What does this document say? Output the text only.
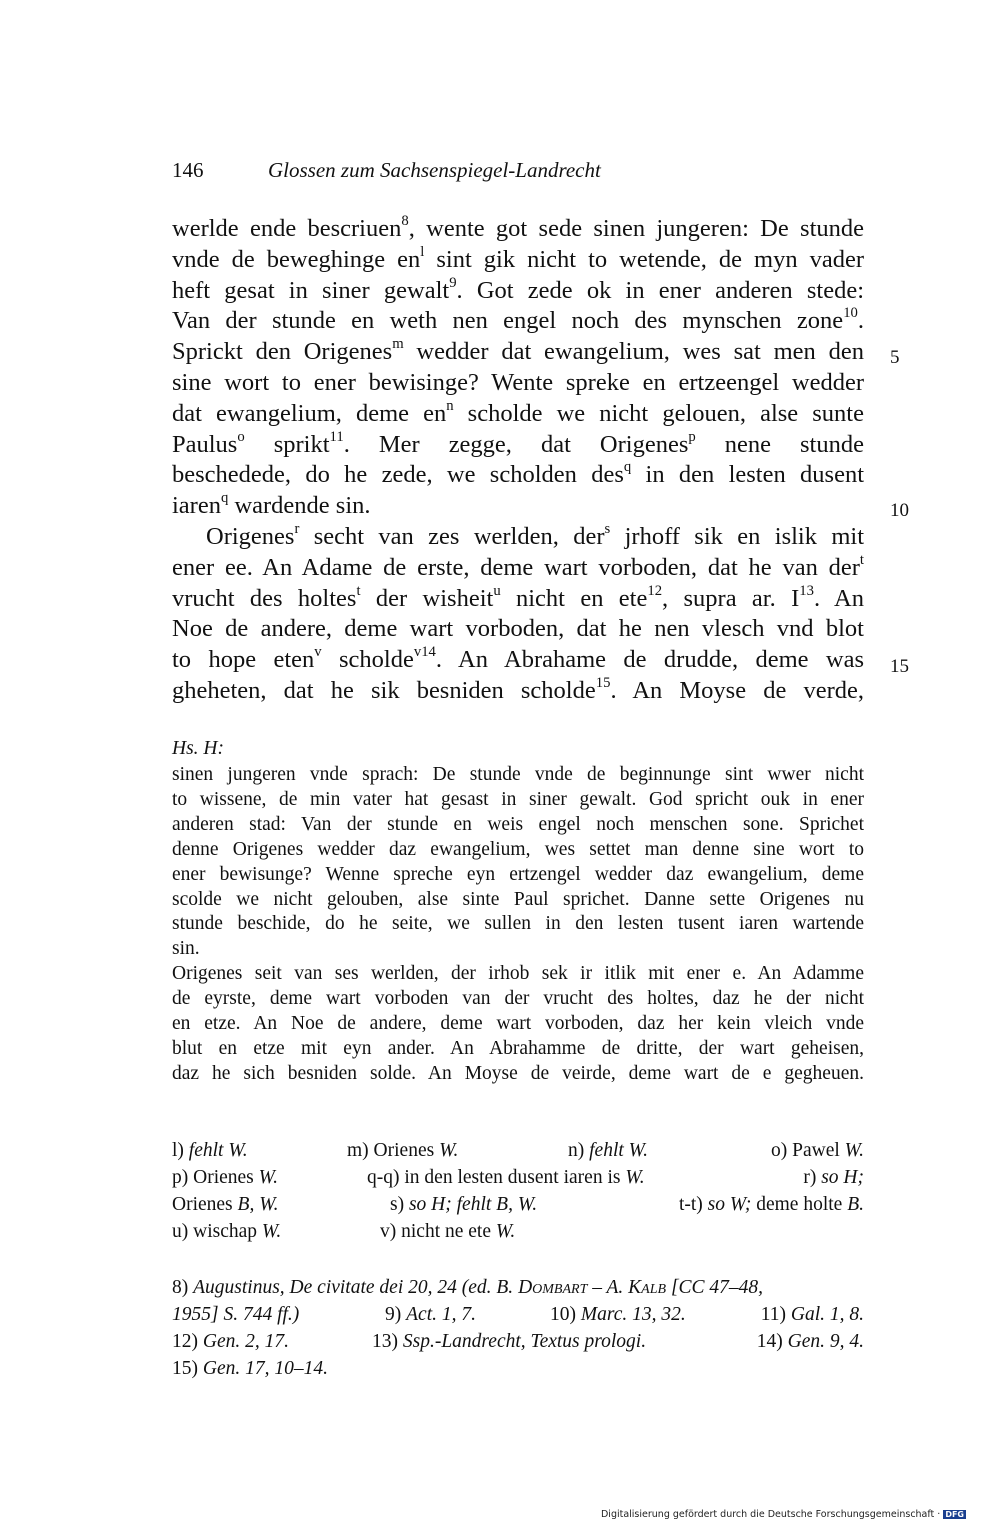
146	Glossen zum Sachsenspiegel-Landrecht
werlde ende bescriuen$^8$, wente got sede sinen jungeren: De stunde
vnde de beweghinge $en^l$ sint gik nicht to wetende, de myn vader
heft gesat in siner gewalt$^9$. Got zede ok in ener anderen stede:
Van der stunde en weth nen engel noch des mynschen zone$^{10}$.
Sprickt den Origenes$^m$ wedder dat ewangelium, wes sat men den
sine wort to ener bewisinge? Wente spreke en ertzeengel wedder
dat ewangelium, deme $en^n$ scholde we nicht gelouen, alse sunte
Paulus$^o$ sprikt$^{11}$. Mer zegge, dat Origenes$^p$ nene stunde
beschedede, do he zede, we scholden des$^q$ in den lesten dusent
iaren$^q$ wardende sin.
Origenes$^r$ secht van zes werlden, der$^s$ jrhoff sik en islik mit
ener ee. An Adame de erste, deme wart vorboden, dat he van der$^t$
vrucht des holtes$^t$ der wisheit$^u$ nicht en ete$^{12}$, supra ar. $I^{13}$. An
Noe de andere, deme wart vorboden, dat he nen vlesch vnd blot
to hope eten$^v$ scholde$^{v14}$. An Abrahame de drudde, deme was
gheheten, dat he sik besniden scholde$^{15}$. An Moyse de verde,
5
10
15
Hs. H:
sinen jungeren vnde sprach: De stunde vnde de beginnunge sint wwer nicht
to wissene, de min vater hat gesast in siner gewalt. God spricht ouk in ener
anderen stad: Van der stunde en weis engel noch menschen sone. Sprichet
denne Origenes wedder daz ewangelium, wes settet man denne sine wort to
ener bewisunge? Wenne spreche eyn ertzengel wedder daz ewangelium, deme
scolde we nicht gelouben, alse sinte Paul sprichet. Danne sette Origenes nu
stunde beschide, do he seite, we sullen in den lesten tusent iaren wartende
sin.
Origenes seit van ses werlden, der irhob sek ir itlik mit ener e. An Adamme
de eyrste, deme wart vorboden van der vrucht des holtes, daz he der nicht
en etze. An Noe de andere, deme wart vorboden, daz her kein vleich vnde
blut en etze mit eyn ander. An Abrahamme de dritte, der wart geheisen,
daz he sich besniden solde. An Moyse de veirde, deme wart de e gegheuen.
l) fehlt W.	m) Orienes W.	n) fehlt W.	o) Pawel W.
p) Orienes W.	q-q) in den lesten dusent iaren is W.	r) so H;
Orienes B, W.	s) so H; fehlt B, W.	t-t) so W; deme holte B.
u) wischap W.	v) nicht ne ete W.
8) Augustinus, De civitate dei 20, 24 (ed. B. Dombart – A. Kalb [CC 47–48,
1955] S. 744 ff.)	9) Act. 1, 7.	10) Marc. 13, 32.	11) Gal. 1, 8.
12) Gen. 2, 17.	13) Ssp.-Landrecht, Textus prologi.	14) Gen. 9, 4.
15) Gen. 17, 10–14.
Digitalisierung gefördert durch die Deutsche Forschungsgemeinschaft · DFG
